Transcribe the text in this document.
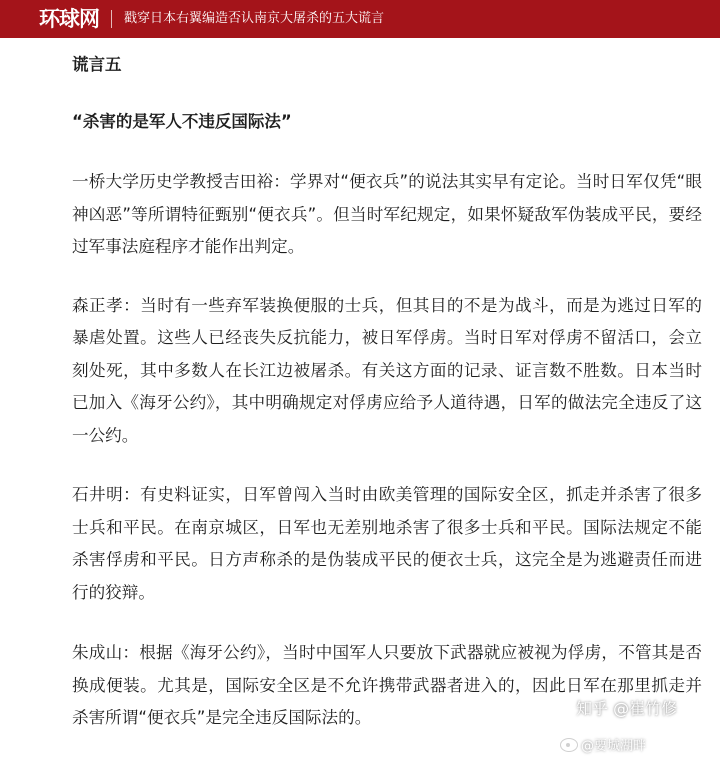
环球网 戳穿日本右翼编造否认南京大屠杀的五大谎言

谎言五

“杀害的是军人不违反国际法”

一桥大学历史学教授吉田裕：学界对“便衣兵”的说法其实早有定论。当时日军仅凭“眼神凶恶”等所谓特征甄别“便衣兵”。但当时军纪规定，如果怀疑敌军伪装成平民，要经过军事法庭程序才能作出判定。

森正孝：当时有一些弃军装换便服的士兵，但其目的不是为战斗，而是为逃过日军的暴虐处置。这些人已经丧失反抗能力，被日军俘虏。当时日军对俘虏不留活口，会立刻处死，其中多数人在长江边被屠杀。有关这方面的记录、证言数不胜数。日本当时已加入《海牙公约》，其中明确规定对俘虏应给予人道待遇，日军的做法完全违反了这一公约。

石井明：有史料证实，日军曾闯入当时由欧美管理的国际安全区，抓走并杀害了很多士兵和平民。在南京城区，日军也无差别地杀害了很多士兵和平民。国际法规定不能杀害俘虏和平民。日方声称杀的是伪装成平民的便衣士兵，这完全是为逃避责任而进行的狡辩。

朱成山：根据《海牙公约》，当时中国军人只要放下武器就应被视为俘虏，不管其是否换成便装。尤其是，国际安全区是不允许携带武器者进入的，因此日军在那里抓走并杀害所谓“便衣兵”是完全违反国际法的。	知乎 @崔竹修
@要城湖畔
